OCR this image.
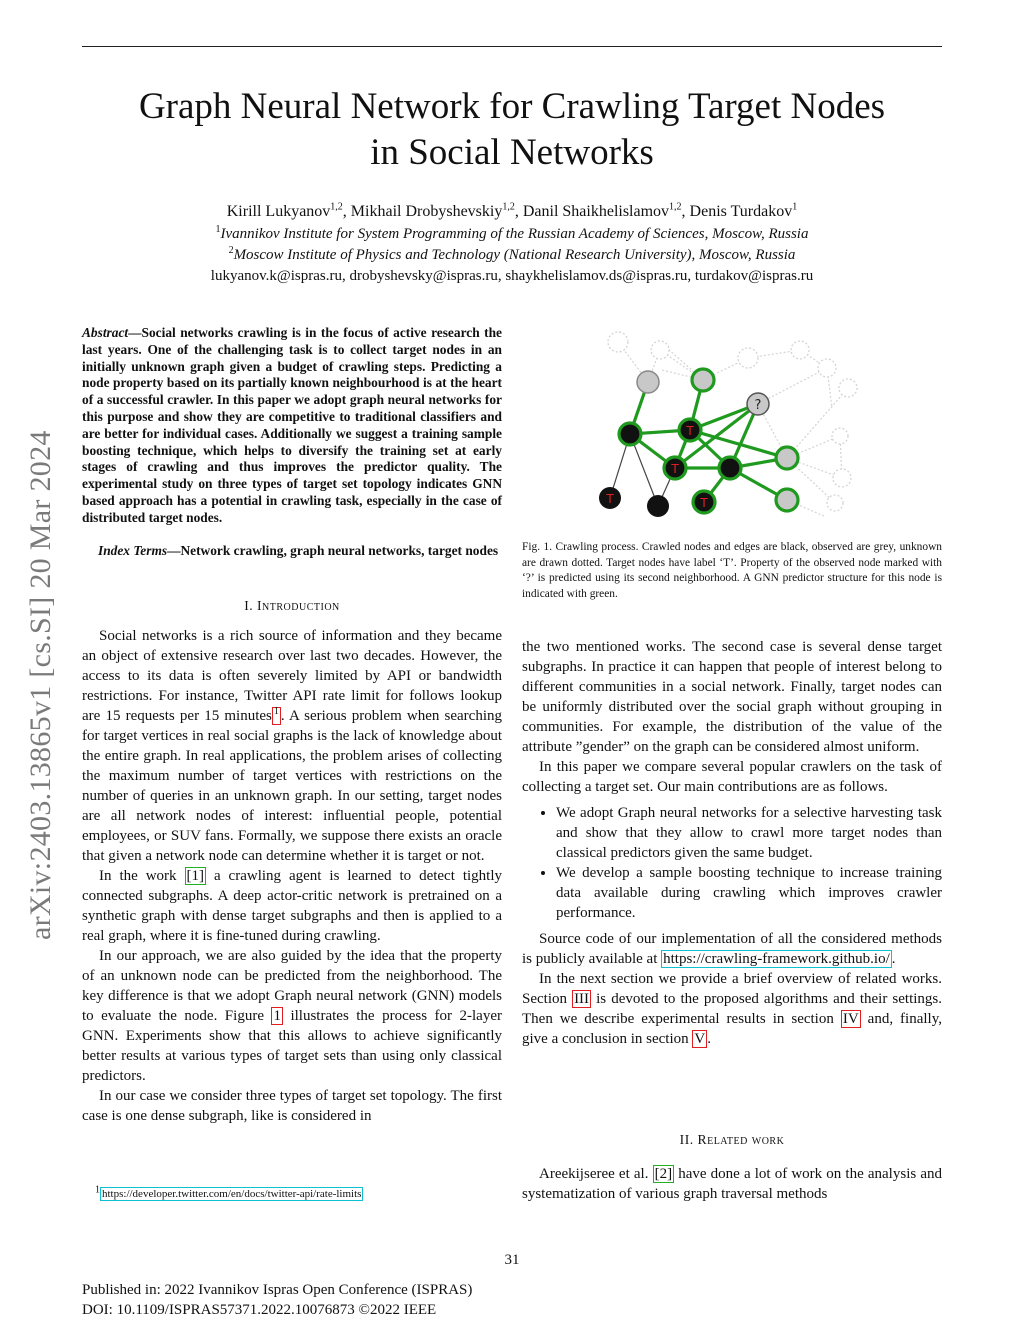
arXiv:2403.13865v1 [cs.SI] 20 Mar 2024
Graph Neural Network for Crawling Target Nodes
in Social Networks
Kirill Lukyanov$^{1,2}$, Mikhail Drobyshevskiy$^{1,2}$, Danil Shaikhelislamov$^{1,2}$, Denis Turdakov$^1$
$^1$Ivannikov Institute for System Programming of the Russian Academy of Sciences, Moscow, Russia
$^2$Moscow Institute of Physics and Technology (National Research University), Moscow, Russia
lukyanov.k@ispras.ru, drobyshevsky@ispras.ru, shaykhelislamov.ds@ispras.ru, turdakov@ispras.ru
Abstract—Social networks crawling is in the focus of active research the last years. One of the challenging task is to collect target nodes in an initially unknown graph given a budget of crawling steps. Predicting a node property based on its partially known neighbourhood is at the heart of a successful crawler. In this paper we adopt graph neural networks for this purpose and show they are competitive to traditional classifiers and are better for individual cases. Additionally we suggest a training sample boosting technique, which helps to diversify the training set at early stages of crawling and thus improves the predictor quality. The experimental study on three types of target set topology indicates GNN based approach has a potential in crawling task, especially in the case of distributed target nodes.
Index Terms—Network crawling, graph neural networks, target nodes
I. Introduction

Social networks is a rich source of information and they became an object of extensive research over last two decades. However, the access to its data is often severely limited by API or bandwidth restrictions. For instance, Twitter API rate limit for follows lookup are 15 requests per 15 minutes $^1$ . A serious problem when searching for target vertices in real social graphs is the lack of knowledge about the entire graph. In real applications, the problem arises of collecting the maximum number of target vertices with restrictions on the number of queries in an unknown graph. In our setting, target nodes are all network nodes of interest: influential people, potential employees, or SUV fans. Formally, we suppose there exists an oracle that given a network node can determine whether it is target or not.

In the work [1] a crawling agent is learned to detect tightly connected subgraphs. A deep actor-critic network is pretrained on a synthetic graph with dense target subgraphs and then is applied to a real graph, where it is fine-tuned during crawling.

In our approach, we are also guided by the idea that the property of an unknown node can be predicted from the neighborhood. The key difference is that we adopt Graph neural network (GNN) models to evaluate the node. Figure 1 illustrates the process for 2-layer GNN. Experiments show that this allows to achieve significantly better results at various types of target sets than using only classical predictors.

In our case we consider three types of target set topology. The first case is one dense subgraph, like is considered in

$^1$ https://developer.twitter.com/en/docs/twitter-api/rate-limits
?
T
T
T
T
Fig. 1. Crawling process. Crawled nodes and edges are black, observed are grey, unknown are drawn dotted. Target nodes have label ‘T’. Property of the observed node marked with ‘?’ is predicted using its second neighborhood. A GNN predictor structure for this node is indicated with green.

the two mentioned works. The second case is several dense target subgraphs. In practice it can happen that people of interest belong to different communities in a social network. Finally, target nodes can be uniformly distributed over the social graph without grouping in communities. For example, the distribution of the value of the attribute ”gender” on the graph can be considered almost uniform.

In this paper we compare several popular crawlers on the task of collecting a target set. Our main contributions are as follows.

• We adopt Graph neural networks for a selective harvesting task and show that they allow to crawl more target nodes than classical predictors given the same budget.
• We develop a sample boosting technique to increase training data available during crawling which improves crawler performance.

Source code of our implementation of all the considered methods is publicly available at https://crawling-framework.github.io/ .

In the next section we provide a brief overview of related works. Section III is devoted to the proposed algorithms and their settings. Then we describe experimental results in section IV and, finally, give a conclusion in section V .

II. Related work

Areekijseree et al. [2] have done a lot of work on the analysis and systematization of various graph traversal methods

31
Published in: 2022 Ivannikov Ispras Open Conference (ISPRAS)
DOI: 10.1109/ISPRAS57371.2022.10076873 ©2022 IEEE
